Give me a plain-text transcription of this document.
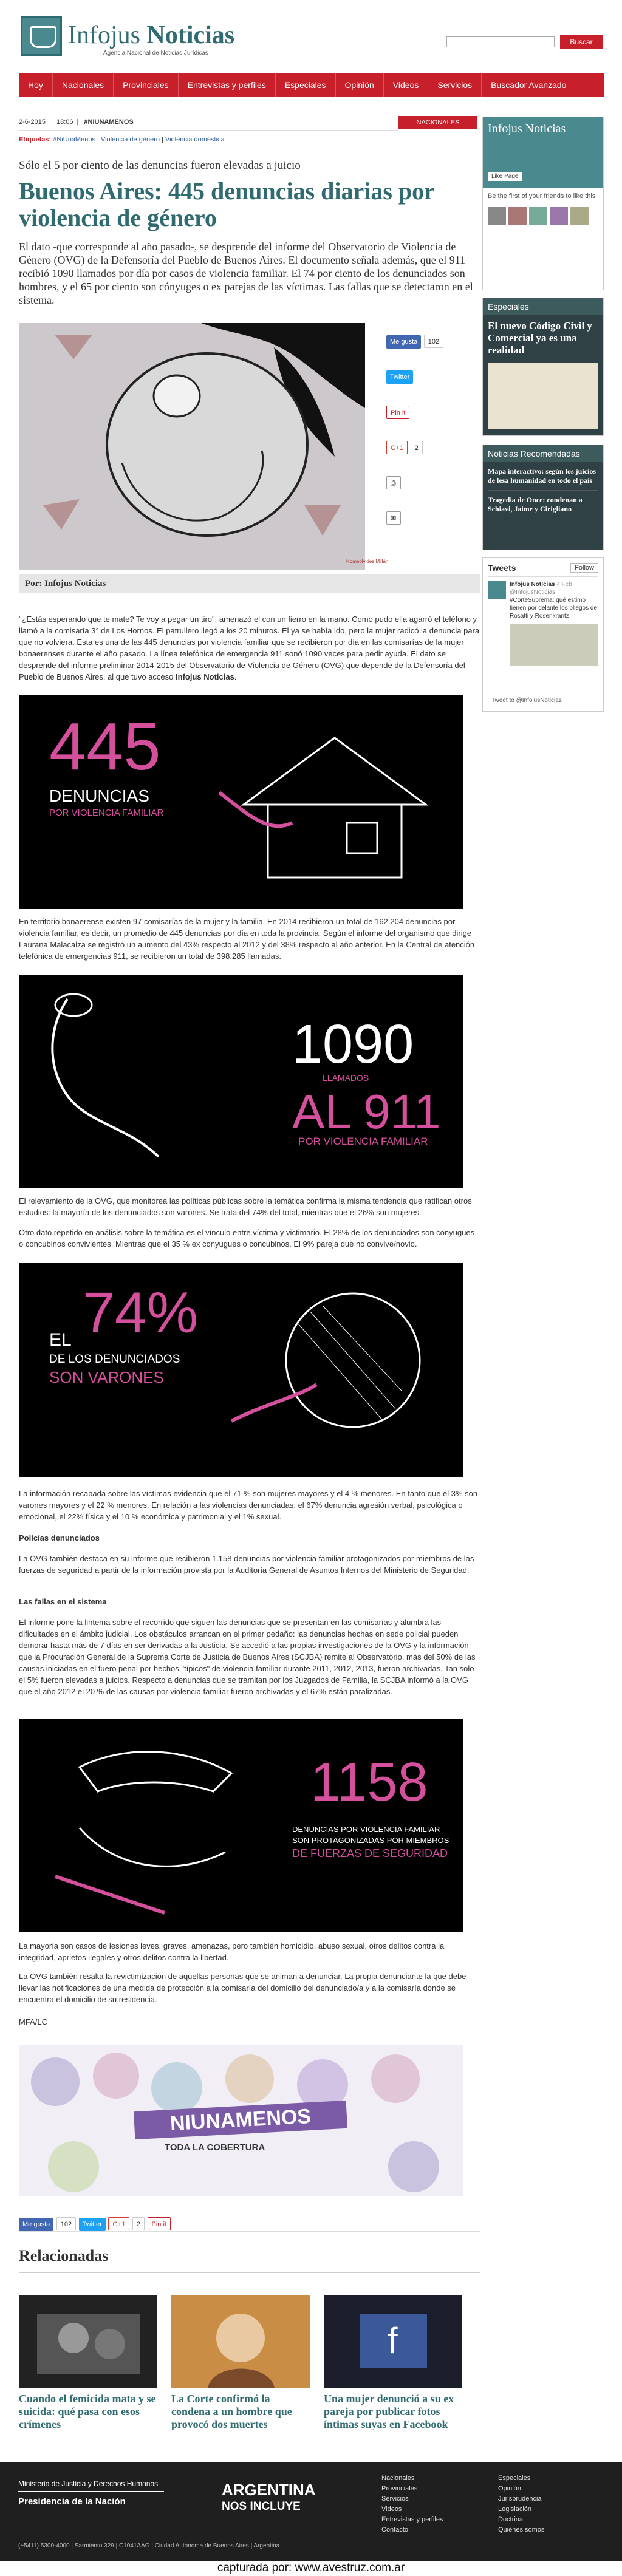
Infojus Noticias
Agencia Nacional de Noticias Jurídicas
Buscar
Hoy	Nacionales	Provinciales	Entrevistas y perfiles	Especiales	Opinión	Videos	Servicios	Buscador Avanzado
2-6-2015 | 18:06 | #NIUNAMENOS	NACIONALES
Etiquetas: #NiUnaMenos | Violencia de género | Violencia doméstica
Sólo el 5 por ciento de las denuncias fueron elevadas a juicio
Buenos Aires: 445 denuncias diarias por violencia de género

El dato -que corresponde al año pasado-, se desprende del informe del Observatorio de Violencia de Género (OVG) de la Defensoría del Pueblo de Buenos Aires. El documento señala además, que el 911 recibió 1090 llamados por día por casos de violencia familiar. El 74 por ciento de los denunciados son hombres, y el 65 por ciento son cónyuges o ex parejas de las víctimas. Las fallas que se detectaron en el sistema.

Nomeolvides Millán
Me gusta 102
Twitter
Pin it
G+1 2
⎙
✉
Por: Infojus Noticias

"¿Estás esperando que te mate? Te voy a pegar un tiro", amenazó el con un fierro en la mano. Como pudo ella agarró el teléfono y llamó a la comisaría 3° de Los Hornos. El patrullero llegó a los 20 minutos. El ya se había ido, pero la mujer radicó la denuncia para que no volviera. Esta es una de las 445 denuncias por violencia familiar que se recibieron por día en las comisarías de la mujer bonaerenses durante el año pasado. La línea telefónica de emergencia 911 sonó 1090 veces para pedir ayuda. El dato se desprende del informe preliminar 2014-2015 del Observatorio de Violencia de Género (OVG) que depende de la Defensoría del Pueblo de Buenos Aires, al que tuvo acceso Infojus Noticias.

445
DENUNCIAS
POR VIOLENCIA FAMILIAR

En territorio bonaerense existen 97 comisarías de la mujer y la familia. En 2014 recibieron un total de 162.204 denuncias por violencia familiar, es decir, un promedio de 445 denuncias por día en toda la provincia. Según el informe del organismo que dirige Laurana Malacalza se registró un aumento del 43% respecto al 2012 y del 38% respecto al año anterior. En la Central de atención telefónica de emergencias 911, se recibieron un total de 398.285 llamadas.

1090
LLAMADOS
AL 911
POR VIOLENCIA FAMILIAR

El relevamiento de la OVG, que monitorea las políticas públicas sobre la temática confirma la misma tendencia que ratifican otros estudios: la mayoría de los denunciados son varones. Se trata del 74% del total, mientras que el 26% son mujeres.

Otro dato repetido en análisis sobre la temática es el vínculo entre víctima y victimario. El 28% de los denunciados son conyugues o concubinos convivientes. Mientras que el 35 % ex conyugues o concubinos. El 9% pareja que no convive/novio.

EL 74%
DE LOS DENUNCIADOS
SON VARONES

La información recabada sobre las víctimas evidencia que el 71 % son mujeres mayores y el 4 % menores. En tanto que el 3% son varones mayores y el 22 % menores. En relación a las violencias denunciadas: el 67% denuncia agresión verbal, psicológica o emocional, el 22% física y el 10 % económica y patrimonial y el 1% sexual.

Policías denunciados

La OVG también destaca en su informe que recibieron 1.158 denuncias por violencia familiar protagonizados por miembros de las fuerzas de seguridad a partir de la información provista por la Auditoría General de Asuntos Internos del Ministerio de Seguridad.

Las fallas en el sistema

El informe pone la lintema sobre el recorrido que siguen las denuncias que se presentan en las comisarías y alumbra las dificultades en el ámbito judicial. Los obstáculos arrancan en el primer pedaño: las denuncias hechas en sede policial pueden demorar hasta más de 7 días en ser derivadas a la Justicia. Se accedió a las propias investigaciones de la OVG y la información que la Procuración General de la Suprema Corte de Justicia de Buenos Aires (SCJBA) remite al Observatorio, más del 50% de las causas iniciadas en el fuero penal por hechos "típicos" de violencia familiar durante 2011, 2012, 2013, fueron archivadas. Tan solo el 5% fueron elevadas a juicios. Respecto a denuncias que se tramitan por los Juzgados de Familia, la SCJBA informó a la OVG que el año 2012 el 20 % de las causas por violencia familiar fueron archivadas y el 67% están paralizadas.

1158
DENUNCIAS POR VIOLENCIA FAMILIAR
SON PROTAGONIZADAS POR MIEMBROS
DE FUERZAS DE SEGURIDAD

La mayoría son casos de lesiones leves, graves, amenazas, pero también homicidio, abuso sexual, otros delitos contra la integridad, aprietos ilegales y otros delitos contra la libertad.

La OVG también resalta la revictimización de aquellas personas que se animan a denunciar. La propia denunciante la que debe llevar las notificaciones de una medida de protección a la comisaría del domicilio del denunciado/a y a la comisaría donde se encuentra el domicilio de su residencia.

MFA/LC
NIUNAMENOS
TODA LA COBERTURA
Me gusta 102 Twitter G+1 2 Pin it
Relacionadas
Cuando el femicida mata y se suicida: qué pasa con esos crímenes
La Corte confirmó la condena a un hombre que provocó dos muertes
f
Una mujer denunció a su ex pareja por publicar fotos íntimas suyas en Facebook
Infojus Noticias
Like Page
Be the first of your friends to like this
Especiales
El nuevo Código Civil y Comercial ya es una realidad
Noticias Recomendadas
Mapa interactivo: según los juicios de lesa humanidad en todo el país
Tragedia de Once: condenan a Schiavi, Jaime y Cirigliano
Tweets	Follow
Infojus Noticias 4 Feb
@InfojusNoticias
#CorteSuprema: qué estimo tienen por delante los pliegos de Rosatti y Rosenkrantz
Tweet to @InfojusNoticias
Ministerio de Justicia y Derechos Humanos
Presidencia de la Nación
ARGENTINA
NOS INCLUYE
Nacionales
Provinciales
Servicios
Videos
Entrevistas y perfiles
Contacto
Especiales
Opinión
Jurisprudencia
Legislación
Doctrina
Quiénes somos
(+5411) 5300-4000 | Sarmiento 329 | C1041AAG | Ciudad Autónoma de Buenos Aires | Argentina
capturada por: www.avestruz.com.ar
